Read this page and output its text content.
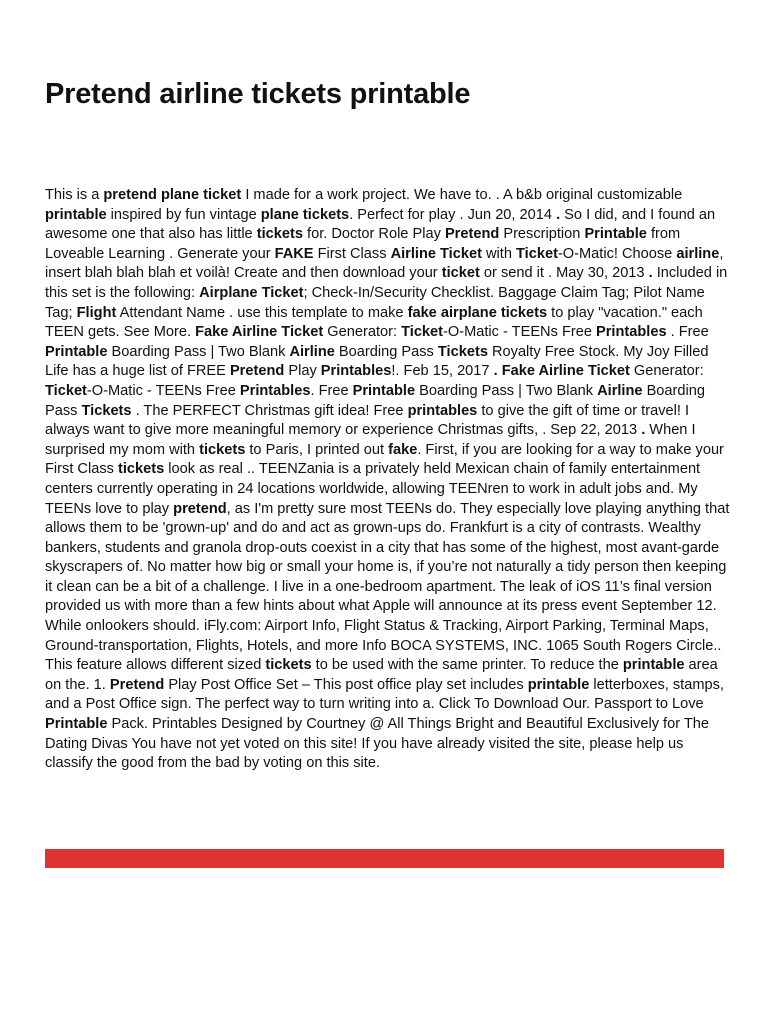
Pretend airline tickets printable

This is a pretend plane ticket I made for a work project. We have to. . A b&b original customizable printable inspired by fun vintage plane tickets. Perfect for play . Jun 20, 2014 . So I did, and I found an awesome one that also has little tickets for. Doctor Role Play Pretend Prescription Printable from Loveable Learning . Generate your FAKE First Class Airline Ticket with Ticket-O-Matic! Choose airline, insert blah blah blah et voilà! Create and then download your ticket or send it . May 30, 2013 . Included in this set is the following: Airplane Ticket; Check-In/Security Checklist. Baggage Claim Tag; Pilot Name Tag; Flight Attendant Name . use this template to make fake airplane tickets to play "vacation." each TEEN gets. See More. Fake Airline Ticket Generator: Ticket-O-Matic - TEENs Free Printables . Free Printable Boarding Pass | Two Blank Airline Boarding Pass Tickets Royalty Free Stock. My Joy Filled Life has a huge list of FREE Pretend Play Printables!. Feb 15, 2017 . Fake Airline Ticket Generator: Ticket-O-Matic - TEENs Free Printables. Free Printable Boarding Pass | Two Blank Airline Boarding Pass Tickets . The PERFECT Christmas gift idea! Free printables to give the gift of time or travel! I always want to give more meaningful memory or experience Christmas gifts, . Sep 22, 2013 . When I surprised my mom with tickets to Paris, I printed out fake. First, if you are looking for a way to make your First Class tickets look as real .. TEENZania is a privately held Mexican chain of family entertainment centers currently operating in 24 locations worldwide, allowing TEENren to work in adult jobs and. My TEENs love to play pretend, as I'm pretty sure most TEENs do. They especially love playing anything that allows them to be 'grown-up' and do and act as grown-ups do. Frankfurt is a city of contrasts. Wealthy bankers, students and granola drop-outs coexist in a city that has some of the highest, most avant-garde skyscrapers of. No matter how big or small your home is, if you’re not naturally a tidy person then keeping it clean can be a bit of a challenge. I live in a one-bedroom apartment. The leak of iOS 11’s final version provided us with more than a few hints about what Apple will announce at its press event September 12. While onlookers should. iFly.com: Airport Info, Flight Status & Tracking, Airport Parking, Terminal Maps, Ground-transportation, Flights, Hotels, and more Info BOCA SYSTEMS, INC. 1065 South Rogers Circle.. This feature allows different sized tickets to be used with the same printer. To reduce the printable area on the. 1. Pretend Play Post Office Set – This post office play set includes printable letterboxes, stamps, and a Post Office sign. The perfect way to turn writing into a. Click To Download Our. Passport to Love Printable Pack. Printables Designed by Courtney @ All Things Bright and Beautiful Exclusively for The Dating Divas You have not yet voted on this site! If you have already visited the site, please help us classify the good from the bad by voting on this site.
